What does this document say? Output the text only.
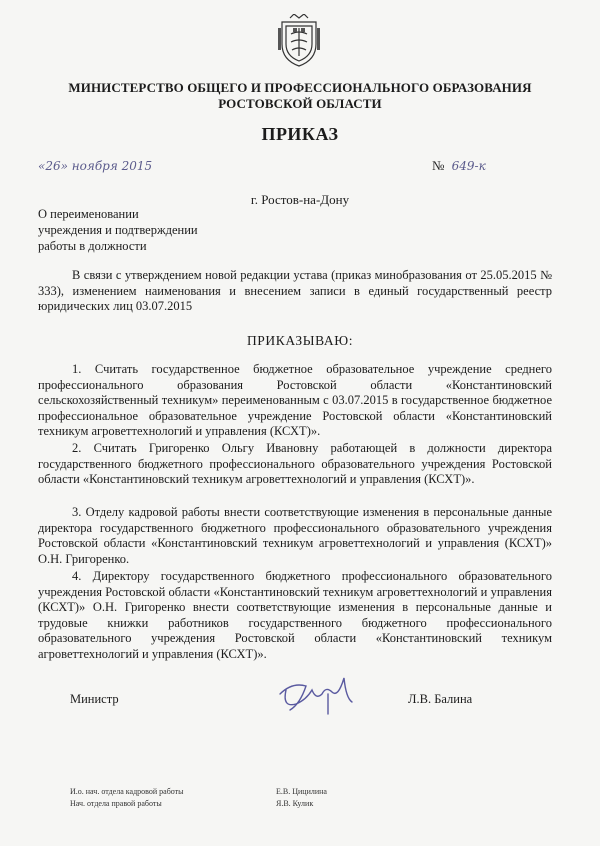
МИНИСТЕРСТВО ОБЩЕГО И ПРОФЕССИОНАЛЬНОГО ОБРАЗОВАНИЯ
РОСТОВСКОЙ ОБЛАСТИ
ПРИКАЗ
«26» ноября 2015	№ 649-к
г. Ростов-на-Дону
О переименовании
учреждения и подтверждении
работы в должности
В связи с утверждением новой редакции устава (приказ минобразования от 25.05.2015 № 333), изменением наименования и внесением записи в единый государственный реестр юридических лиц 03.07.2015
ПРИКАЗЫВАЮ:
1. Считать государственное бюджетное образовательное учреждение среднего профессионального образования Ростовской области «Константиновский сельскохозяйственный техникум» переименованным с 03.07.2015 в государственное бюджетное профессиональное образовательное учреждение Ростовской области «Константиновский техникум агроветтехнологий и управления (КСХТ)».
2. Считать Григоренко Ольгу Ивановну работающей в должности директора государственного бюджетного профессионального образовательного учреждения Ростовской области «Константиновский техникум агроветтехнологий и управления (КСХТ)».
3. Отделу кадровой работы внести соответствующие изменения в персональные данные директора государственного бюджетного профессионального образовательного учреждения Ростовской области «Константиновский техникум агроветтехнологий и управления (КСХТ)» О.Н. Григоренко.
4. Директору государственного бюджетного профессионального образовательного учреждения Ростовской области «Константиновский техникум агроветтехнологий и управления (КСХТ)» О.Н. Григоренко внести соответствующие изменения в персональные данные и трудовые книжки работников государственного бюджетного профессионального образовательного учреждения Ростовской области «Константиновский техникум агроветтехнологий и управления (КСХТ)».
Министр	Л.В. Балина
И.о. нач. отдела кадровой работы
Нач. отдела правой работы
Е.В. Цицилина
Я.В. Кулик
